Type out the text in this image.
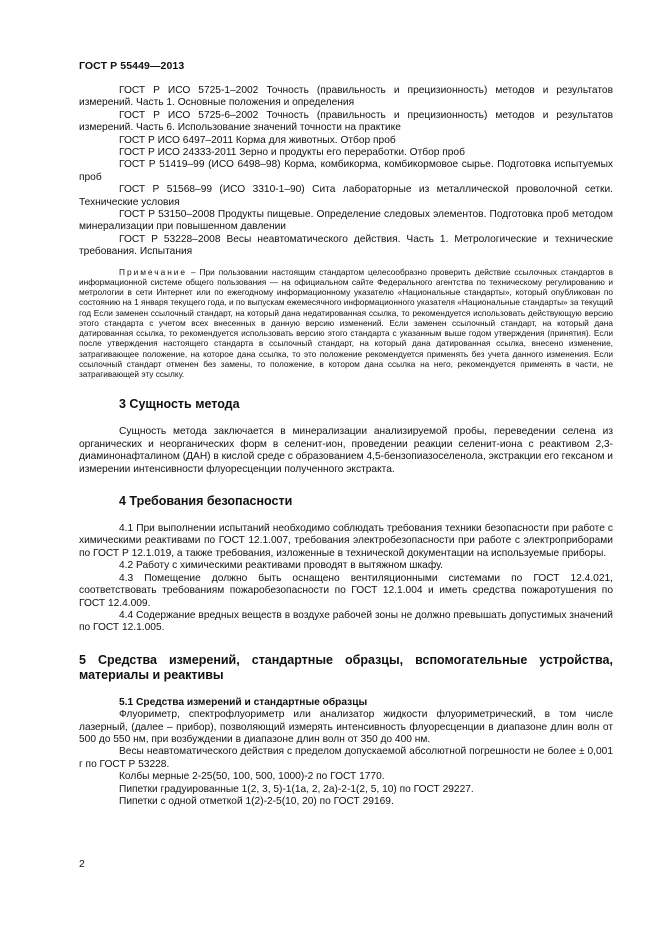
ГОСТ Р 55449—2013

ГОСТ Р ИСО 5725-1–2002 Точность (правильность и прецизионность) методов и результатов измерений. Часть 1. Основные положения и определения

ГОСТ Р ИСО 5725-6–2002 Точность (правильность и прецизионность) методов и результатов измерений. Часть 6. Использование значений точности на практике

ГОСТ Р ИСО 6497–2011 Корма для животных. Отбор проб

ГОСТ Р ИСО 24333-2011 Зерно и продукты его переработки. Отбор проб

ГОСТ Р 51419–99 (ИСО 6498–98) Корма, комбикорма, комбикормовое сырье. Подготовка испытуемых проб

ГОСТ Р 51568–99 (ИСО 3310-1–90) Сита лабораторные из металлической проволочной сетки. Технические условия

ГОСТ Р 53150–2008 Продукты пищевые. Определение следовых элементов. Подготовка проб методом минерализации при повышенном давлении

ГОСТ Р 53228–2008 Весы неавтоматического действия. Часть 1. Метрологические и технические требования. Испытания

Примечание – При пользовании настоящим стандартом целесообразно проверить действие ссылочных стандартов в информационной системе общего пользования — на официальном сайте Федерального агентства по техническому регулированию и метрологии в сети Интернет или по ежегодному информационному указателю «Национальные стандарты», который опубликован по состоянию на 1 января текущего года, и по выпускам ежемесячного информационного указателя «Национальные стандарты» за текущий год Если заменен ссылочный стандарт, на который дана недатированная ссылка, то рекомендуется использовать действующую версию этого стандарта с учетом всех внесенных в данную версию изменений. Если заменен ссылочный стандарт, на который дана датированная ссылка, то рекомендуется использовать версию этого стандарта с указанным выше годом утверждения (принятия). Если после утверждения настоящего стандарта в ссылочный стандарт, на который дана датированная ссылка, внесено изменение, затрагивающее положение, на которое дана ссылка, то это положение рекомендуется применять без учета данного изменения. Если ссылочный стандарт отменен без замены, то положение, в котором дана ссылка на него, рекомендуется применять в части, не затрагивающей эту ссылку.

3 Сущность метода

Сущность метода заключается в минерализации анализируемой пробы, переведении селена из органических и неорганических форм в селенит-ион, проведении реакции селенит-иона с реактивом 2,3-диаминонафталином (ДАН) в кислой среде с образованием 4,5-бензопиазоселенола, экстракции его гексаном и измерении интенсивности флуоресценции полученного экстракта.

4 Требования безопасности

4.1 При выполнении испытаний необходимо соблюдать требования техники безопасности при работе с химическими реактивами по ГОСТ 12.1.007, требования электробезопасности при работе с электроприборами по ГОСТ Р 12.1.019, а также требования, изложенные в технической документации на используемые приборы.

4.2 Работу с химическими реактивами проводят в вытяжном шкафу.

4.3 Помещение должно быть оснащено вентиляционными системами по ГОСТ 12.4.021, соответствовать требованиям пожаробезопасности по ГОСТ 12.1.004 и иметь средства пожаротушения по ГОСТ 12.4.009.

4.4 Содержание вредных веществ в воздухе рабочей зоны не должно превышать допустимых значений по ГОСТ 12.1.005.

5 Средства измерений, стандартные образцы, вспомогательные устройства, материалы и реактивы
5.1 Средства измерений и стандартные образцы

Флуориметр, спектрофлуориметр или анализатор жидкости флуориметрический, в том числе лазерный, (далее – прибор), позволяющий измерять интенсивность флуоресценции в диапазоне длин волн от 500 до 550 нм, при возбуждении в диапазоне длин волн от 350 до 400 нм.

Весы неавтоматического действия с пределом допускаемой абсолютной погрешности не более ± 0,001 г по ГОСТ Р 53228.

Колбы мерные 2-25(50, 100, 500, 1000)-2 по ГОСТ 1770.

Пипетки градуированные 1(2, 3, 5)-1(1а, 2, 2а)-2-1(2, 5, 10) по ГОСТ 29227.

Пипетки с одной отметкой 1(2)-2-5(10, 20) по ГОСТ 29169.

2
